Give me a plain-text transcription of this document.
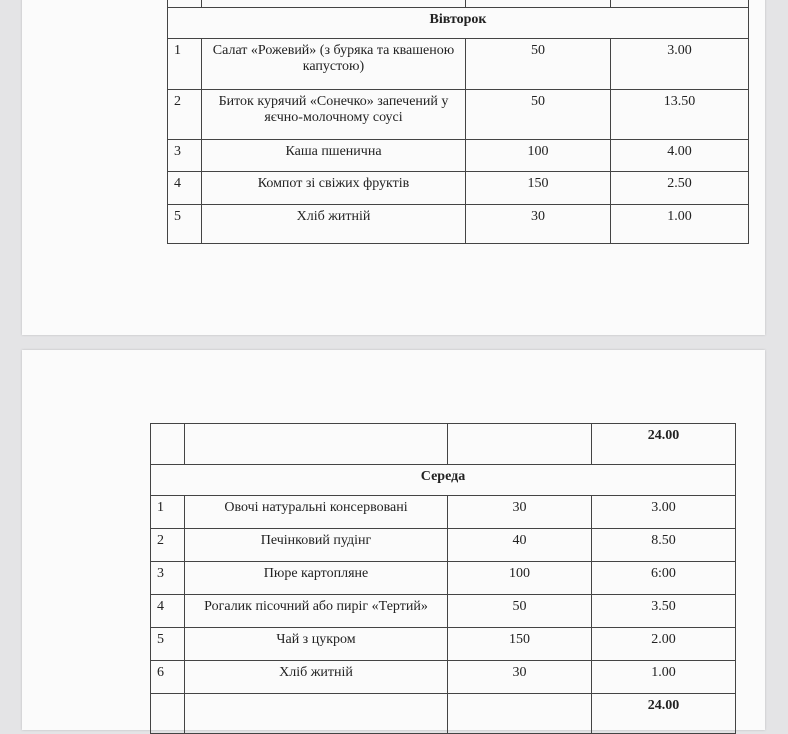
Вівторок			
1	Салат «Рожевий» (з буряка та квашеною капустою)	50	3.00
2	Биток курячий «Сонечко» запечений у яєчно-молочному соусі	50	13.50
3	Каша пшенична	100	4.00
4	Компот зі свіжих фруктів	150	2.50
5	Хліб житній	30	1.00
			24.00
Середа			
1	Овочі натуральні консервовані	30	3.00
2	Печінковий пудінг	40	8.50
3	Пюре картопляне	100	6:00
4	Рогалик пісочний або пиріг «Тертий»	50	3.50
5	Чай з цукром	150	2.00
6	Хліб житній	30	1.00
			24.00
